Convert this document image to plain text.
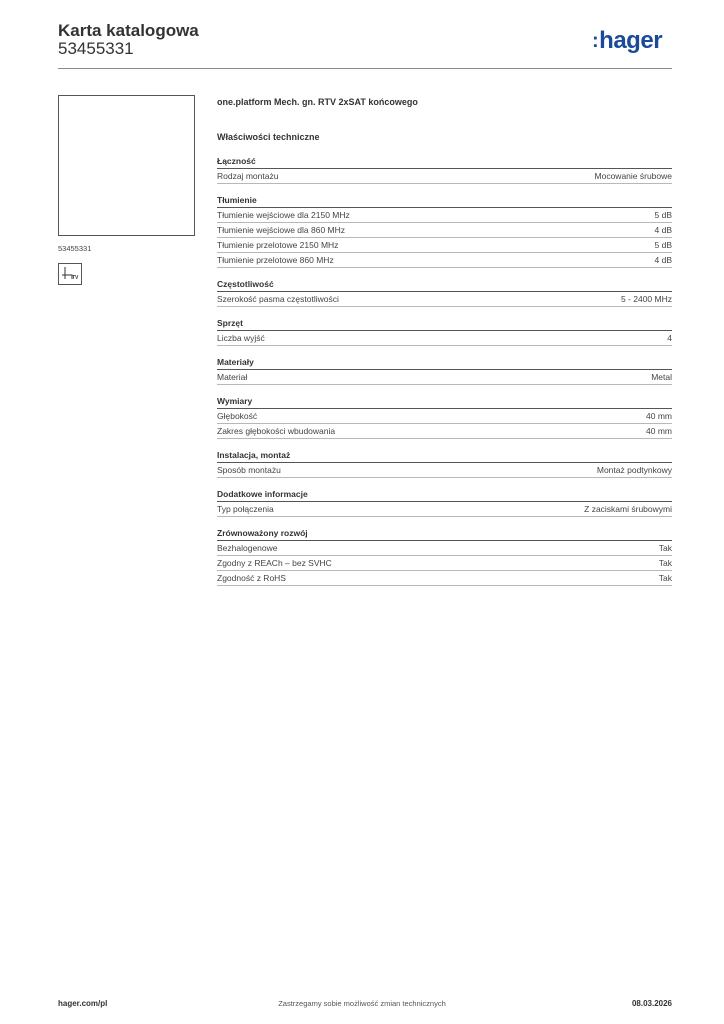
Karta katalogowa
53455331	:hager
53455331
TV
one.platform Mech. gn. RTV 2xSAT końcowego
Właściwości techniczne
Łączność
Rodzaj montażu	Mocowanie śrubowe
Tłumienie
Tłumienie wejściowe dla 2150 MHz	5 dB
Tłumienie wejściowe dla 860 MHz	4 dB
Tłumienie przelotowe 2150 MHz	5 dB
Tłumienie przelotowe 860 MHz	4 dB
Częstotliwość
Szerokość pasma częstotliwości	5 - 2400 MHz
Sprzęt
Liczba wyjść	4
Materiały
Materiał	Metal
Wymiary
Głębokość	40 mm
Zakres głębokości wbudowania	40 mm
Instalacja, montaż
Sposób montażu	Montaż podtynkowy
Dodatkowe informacje
Typ połączenia	Z zaciskami śrubowymi
Zrównoważony rozwój
Bezhalogenowe	Tak
Zgodny z REACh – bez SVHC	Tak
Zgodność z RoHS	Tak
hager.com/pl	Zastrzegamy sobie możliwość zmian technicznych	08.03.2026
